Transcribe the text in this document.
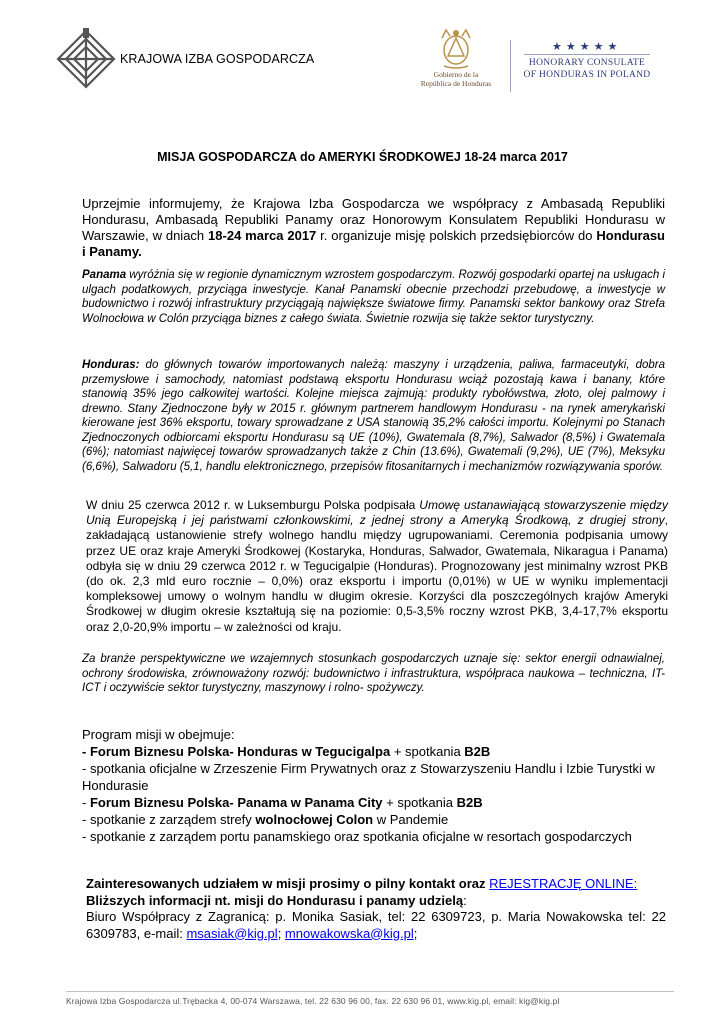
KRAJOWA IZBA GOSPODARCZA
Gobierno de la
República de Honduras
★★★★★
HONORARY CONSULATE
OF HONDURAS IN POLAND
MISJA GOSPODARCZA do AMERYKI ŚRODKOWEJ 18-24 marca 2017

Uprzejmie informujemy, że Krajowa Izba Gospodarcza we współpracy z Ambasadą Republiki Hondurasu, Ambasadą Republiki Panamy oraz Honorowym Konsulatem Republiki Hondurasu w Warszawie, w dniach 18-24 marca 2017 r. organizuje misję polskich przedsiębiorców do Hondurasu i Panamy.

Panama wyróżnia się w regionie dynamicznym wzrostem gospodarczym. Rozwój gospodarki opartej na usługach i ulgach podatkowych, przyciąga inwestycje. Kanał Panamski obecnie przechodzi przebudowę, a inwestycje w budownictwo i rozwój infrastruktury przyciągają największe światowe firmy. Panamski sektor bankowy oraz Strefa Wolnocłowa w Colón przyciąga biznes z całego świata. Świetnie rozwija się także sektor turystyczny.

Honduras: do głównych towarów importowanych należą: maszyny i urządzenia, paliwa, farmaceutyki, dobra przemysłowe i samochody, natomiast podstawą eksportu Hondurasu wciąż pozostają kawa i banany, które stanowią 35% jego całkowitej wartości. Kolejne miejsca zajmują: produkty rybołówstwa, złoto, olej palmowy i drewno. Stany Zjednoczone były w 2015 r. głównym partnerem handlowym Hondurasu - na rynek amerykański kierowane jest 36% eksportu, towary sprowadzane z USA stanowią 35,2% całości importu. Kolejnymi po Stanach Zjednoczonych odbiorcami eksportu Hondurasu są UE (10%), Gwatemala (8,7%), Salwador (8,5%) i Gwatemala (6%); natomiast najwięcej towarów sprowadzanych także z Chin (13.6%), Gwatemali (9,2%), UE (7%), Meksyku (6,6%), Salwadoru (5,1, handlu elektronicznego, przepisów fitosanitarnych i mechanizmów rozwiązywania sporów.

W dniu 25 czerwca 2012 r. w Luksemburgu Polska podpisała Umowę ustanawiającą stowarzyszenie między Unią Europejską i jej państwami członkowskimi, z jednej strony a Ameryką Środkową, z drugiej strony, zakładającą ustanowienie strefy wolnego handlu między ugrupowaniami. Ceremonia podpisania umowy przez UE oraz kraje Ameryki Środkowej (Kostaryka, Honduras, Salwador, Gwatemala, Nikaragua i Panama) odbyła się w dniu 29 czerwca 2012 r. w Tegucigalpie (Honduras). Prognozowany jest minimalny wzrost PKB (do ok. 2,3 mld euro rocznie – 0,0%) oraz eksportu i importu (0,01%) w UE w wyniku implementacji kompleksowej umowy o wolnym handlu w długim okresie. Korzyści dla poszczególnych krajów Ameryki Środkowej w długim okresie kształtują się na poziomie: 0,5-3,5% roczny wzrost PKB, 3,4-17,7% eksportu oraz 2,0-20,9% importu – w zależności od kraju.

Za branże perspektywiczne we wzajemnych stosunkach gospodarczych uznaje się: sektor energii odnawialnej, ochrony środowiska, zrównoważony rozwój: budownictwo i infrastruktura, współpraca naukowa – techniczna, IT-ICT i oczywiście sektor turystyczny, maszynowy i rolno- spożywczy.

Program misji w obejmuje:
- Forum Biznesu Polska- Honduras w Tegucigalpa + spotkania B2B
- spotkania oficjalne w Zrzeszenie Firm Prywatnych oraz z Stowarzyszeniu Handlu i Izbie Turystki w Hondurasie
- Forum Biznesu Polska- Panama w Panama City + spotkania B2B
- spotkanie z zarządem strefy wolnocłowej Colon w Pandemie
- spotkanie z zarządem portu panamskiego oraz spotkania oficjalne w resortach gospodarczych
Zainteresowanych udziałem w misji prosimy o pilny kontakt oraz REJESTRACJĘ ONLINE:
Bliższych informacji nt. misji do Hondurasu i panamy udzielą:
Biuro Współpracy z Zagranicą: p. Monika Sasiak, tel: 22 6309723, p. Maria Nowakowska tel: 22 6309783, e-mail: msasiak@kig.pl; mnowakowska@kig.pl;
Krajowa Izba Gospodarcza ul.Trębacka 4, 00-074 Warszawa, tel. 22 630 96 00, fax. 22 630 96 01, www.kig.pl, email: kig@kig.pl
